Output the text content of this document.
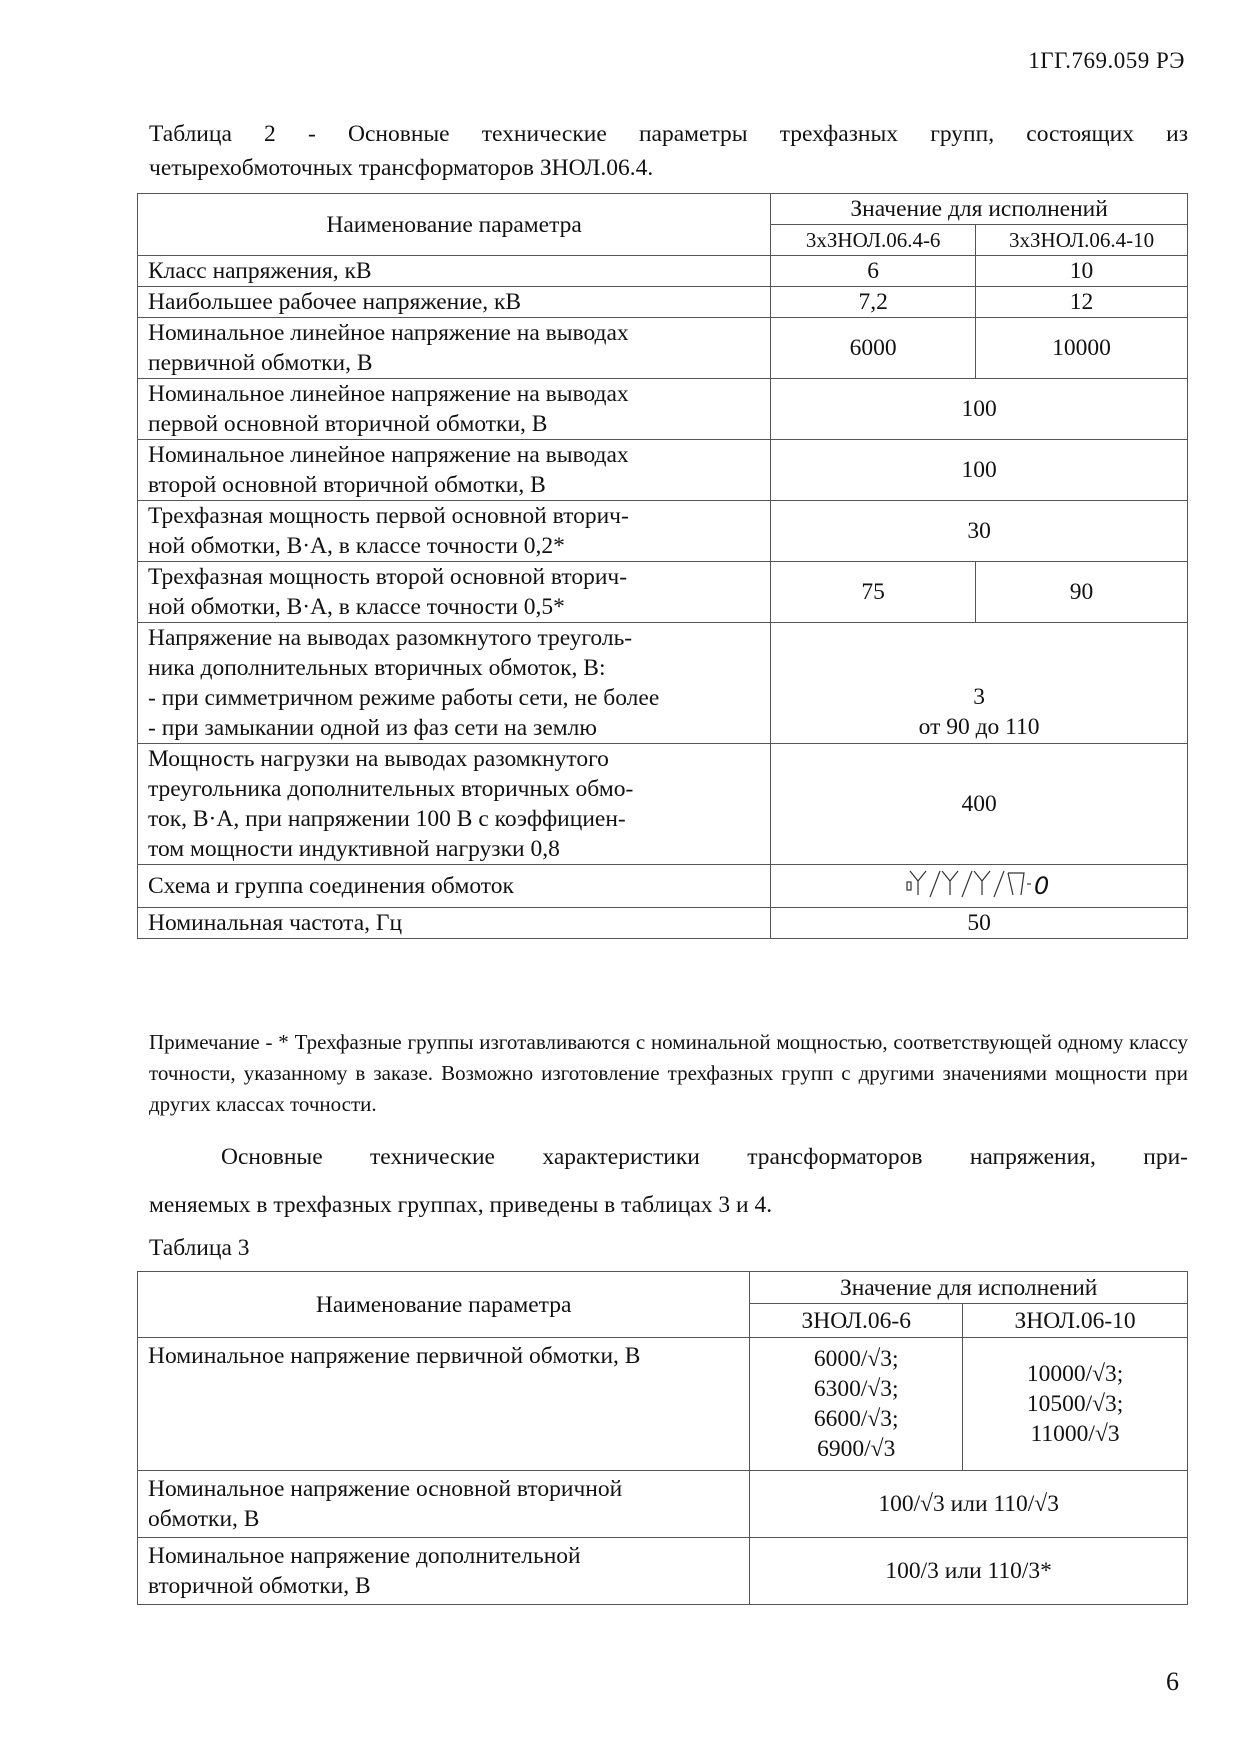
1ГГ.769.059 РЭ
Таблица 2 - Основные технические параметры трехфазных групп, состоящих из
четырехобмоточных трансформаторов ЗНОЛ.06.4.
Наименование параметра	Значение для исполнений	
	3хЗНОЛ.06.4-6	3хЗНОЛ.06.4-10
Класс напряжения, кВ	6	10
Наибольшее рабочее напряжение, кВ	7,2	12

Номинальное линейное напряжение на выводах
первичной обмотки, В	6000	10000

Номинальное линейное напряжение на выводах
первой основной вторичной обмотки, В	100	

Номинальное линейное напряжение на выводах
второй основной вторичной обмотки, В	100	

Трехфазная мощность первой основной вторич-
ной обмотки, В·А, в классе точности 0,2*	30	

Трехфазная мощность второй основной вторич-
ной обмотки, В·А, в классе точности 0,5*	75	90

Напряжение на выводах разомкнутого треуголь-
ника дополнительных вторичных обмоток, В:
- при симметричном режиме работы сети, не более
- при замыкании одной из фаз сети на землю	3
от 90 до 110	

Мощность нагрузки на выводах разомкнутого
треугольника дополнительных вторичных обмо-
ток, В·А, при напряжении 100 В с коэффициен-
том мощности индуктивной нагрузки 0,8	400	
Схема и группа соединения обмоток	0	

Номинальная частота, Гц	50	
Примечание - * Трехфазные группы изготавливаются с номинальной мощностью, соответствующей одному классу точности, указанному в заказе. Возможно изготовление трехфазных групп с другими значениями мощности при других классах точности.
Основные технические характеристики трансформаторов напряжения, при-
меняемых в трехфазных группах, приведены в таблицах 3 и 4.
Таблица 3
Наименование параметра	Значение для исполнений	
	ЗНОЛ.06-6	ЗНОЛ.06-10
Номинальное напряжение первичной обмотки, В	6000/√3;
6300/√3;
6600/√3;
6900/√3	10000/√3;
10500/√3;
11000/√3

Номинальное напряжение основной вторичной
обмотки, В	100/√3 или 110/√3	

Номинальное напряжение дополнительной
вторичной обмотки, В	100/3 или 110/3*	
6
